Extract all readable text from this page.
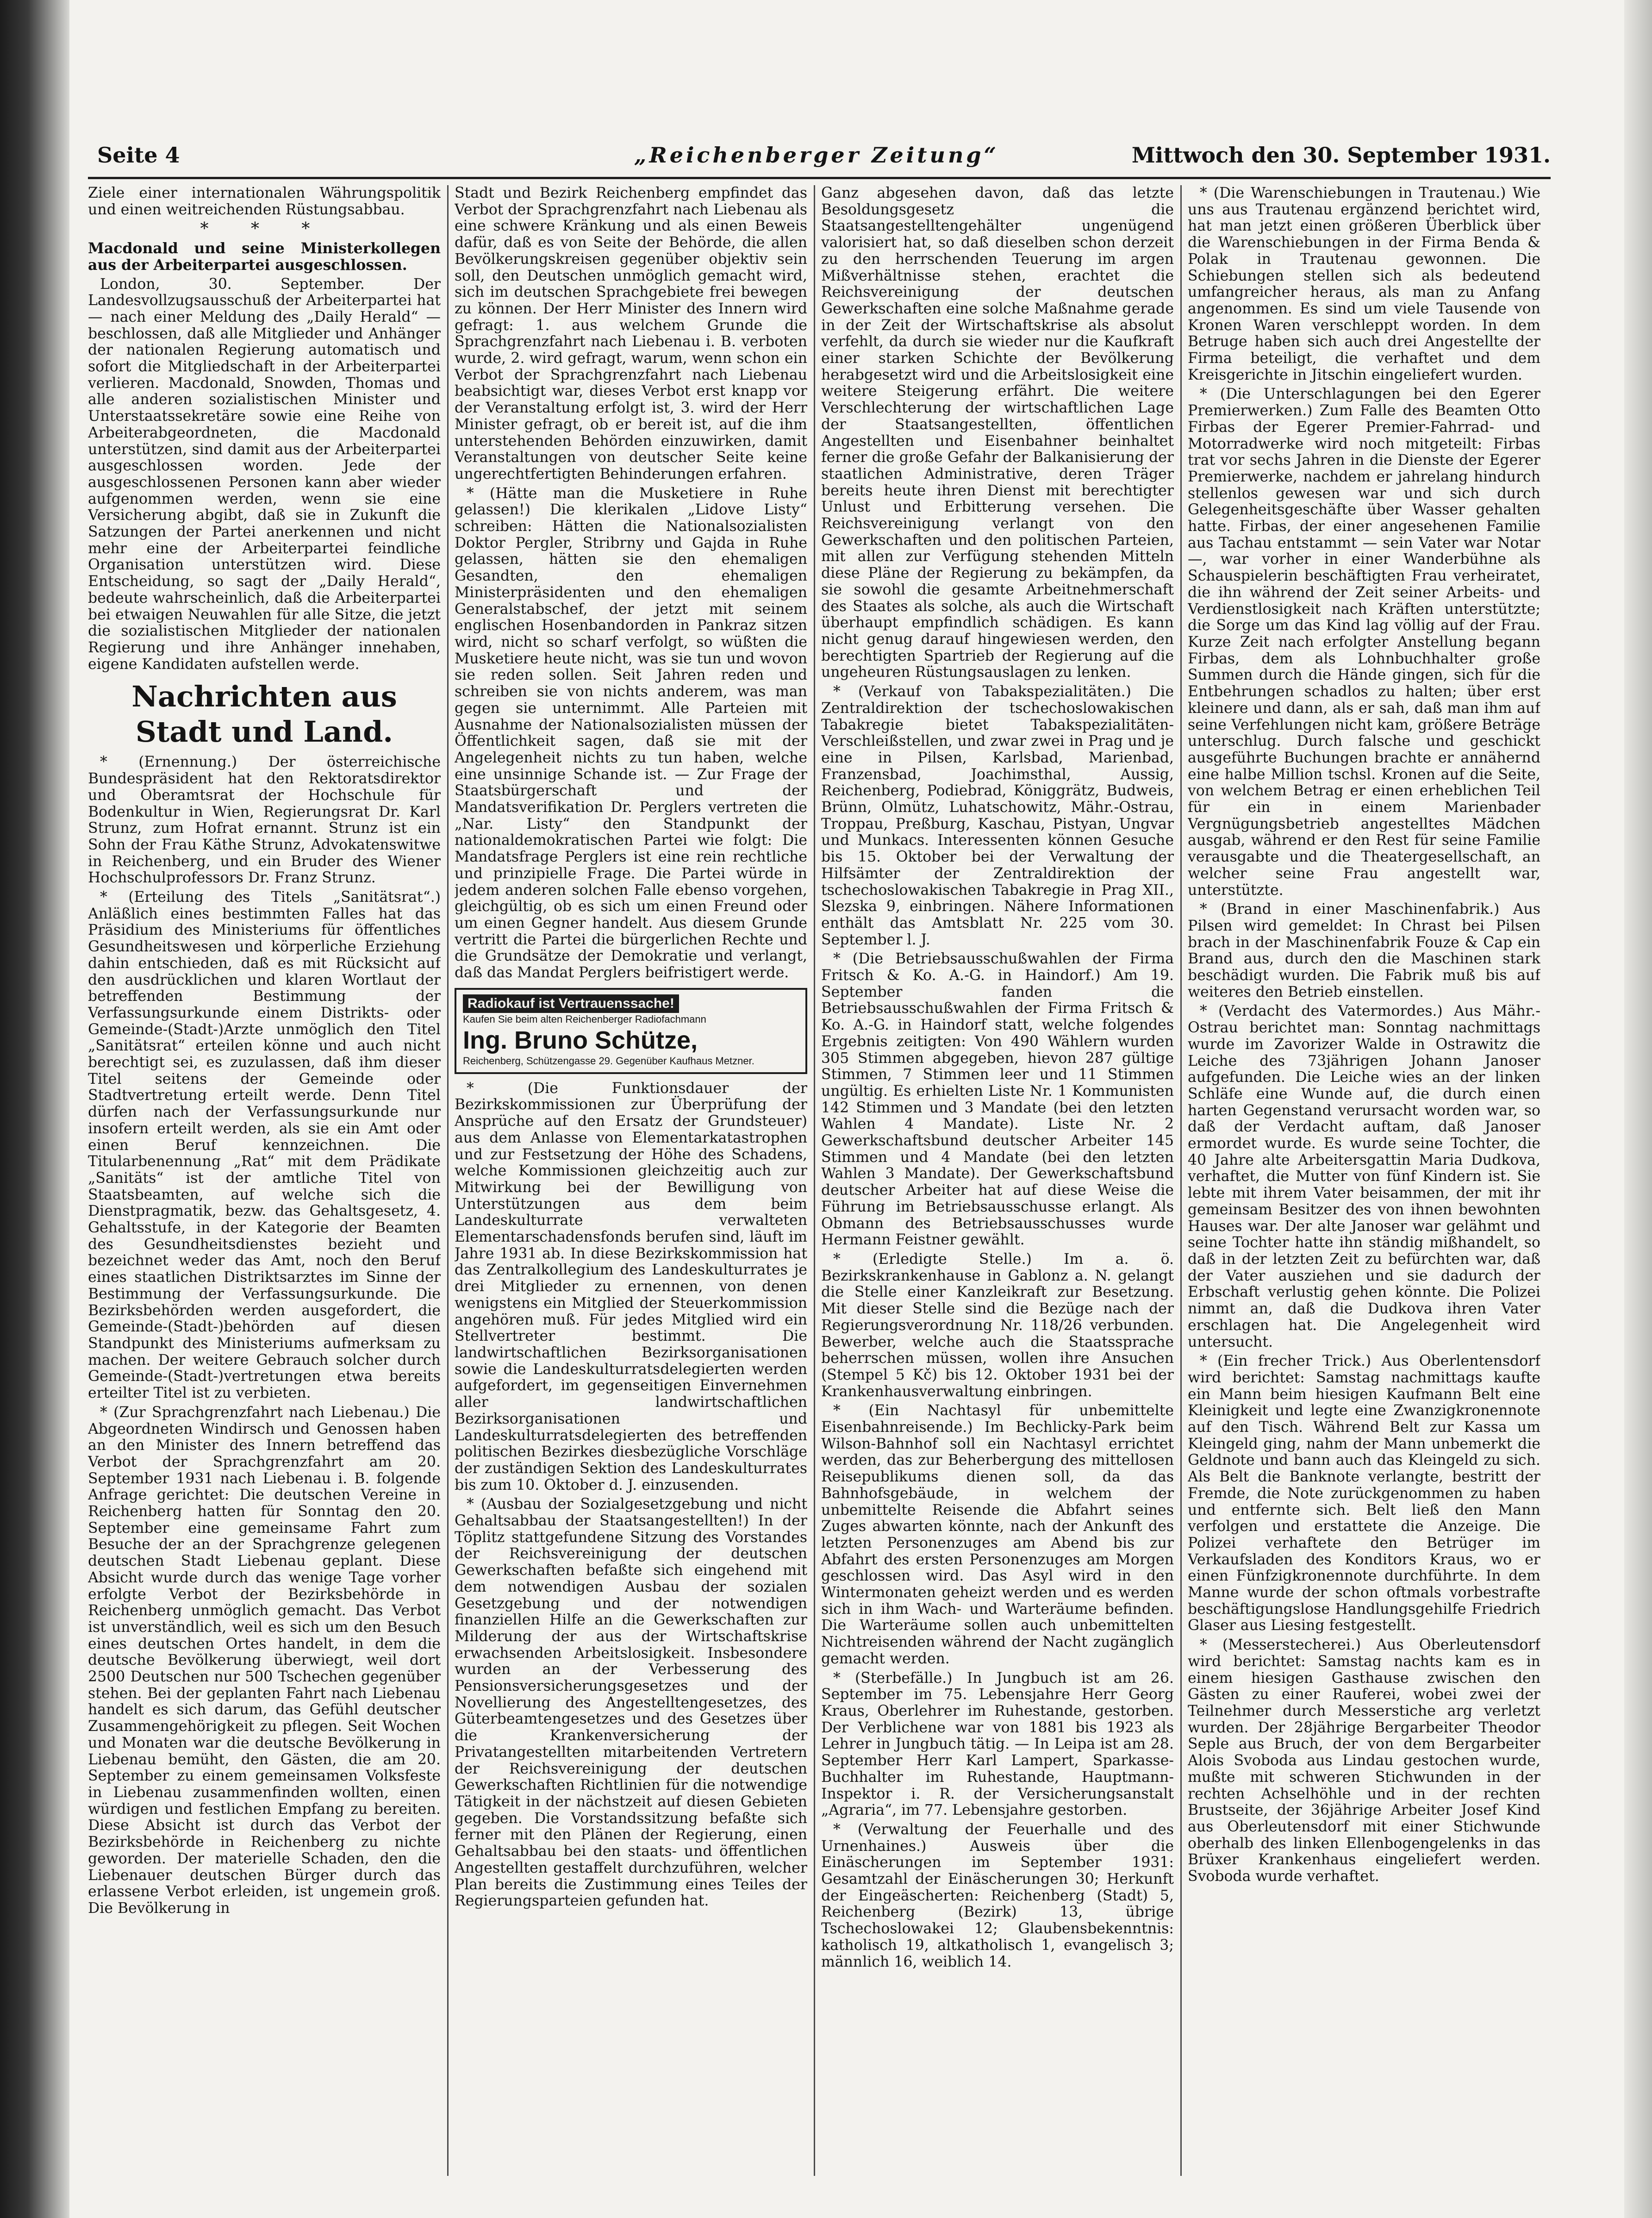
Seite 4	„Reichenberger Zeitung“	Mittwoch den 30. September 1931.

Ziele einer internationalen Währungspolitik und einen weitreichenden Rüstungsabbau.

* * *

Macdonald und seine Ministerkollegen aus der Arbeiterpartei ausgeschlossen.

London, 30. September. Der Landesvollzugsausschuß der Arbeiterpartei hat — nach einer Meldung des „Daily Herald“ — beschlossen, daß alle Mitglieder und Anhänger der nationalen Regierung automatisch und sofort die Mitgliedschaft in der Arbeiterpartei verlieren. Macdonald, Snowden, Thomas und alle anderen sozialistischen Minister und Unterstaatssekretäre sowie eine Reihe von Arbeiterabgeordneten, die Macdonald unterstützen, sind damit aus der Arbeiterpartei ausgeschlossen worden. Jede der ausgeschlossenen Personen kann aber wieder aufgenommen werden, wenn sie eine Versicherung abgibt, daß sie in Zukunft die Satzungen der Partei anerkennen und nicht mehr eine der Arbeiterpartei feindliche Organisation unterstützen wird. Diese Entscheidung, so sagt der „Daily Herald“, bedeute wahrscheinlich, daß die Arbeiterpartei bei etwaigen Neuwahlen für alle Sitze, die jetzt die sozialistischen Mitglieder der nationalen Regierung und ihre Anhänger innehaben, eigene Kandidaten aufstellen werde.

Nachrichten aus Stadt und Land.

* (Ernennung.) Der österreichische Bundespräsident hat den Rektoratsdirektor und Oberamtsrat der Hochschule für Bodenkultur in Wien, Regierungsrat Dr. Karl Strunz, zum Hofrat ernannt. Strunz ist ein Sohn der Frau Käthe Strunz, Advokatenswitwe in Reichenberg, und ein Bruder des Wiener Hochschulprofessors Dr. Franz Strunz.

* (Erteilung des Titels „Sanitätsrat“.) Anläßlich eines bestimmten Falles hat das Präsidium des Ministeriums für öffentliches Gesundheitswesen und körperliche Erziehung dahin entschieden, daß es mit Rücksicht auf den ausdrücklichen und klaren Wortlaut der betreffenden Bestimmung der Verfassungsurkunde einem Distrikts- oder Gemeinde-(Stadt-)Arzte unmöglich den Titel „Sanitätsrat“ erteilen könne und auch nicht berechtigt sei, es zuzulassen, daß ihm dieser Titel seitens der Gemeinde oder Stadtvertretung erteilt werde. Denn Titel dürfen nach der Verfassungsurkunde nur insofern erteilt werden, als sie ein Amt oder einen Beruf kennzeichnen. Die Titularbenennung „Rat“ mit dem Prädikate „Sanitäts“ ist der amtliche Titel von Staatsbeamten, auf welche sich die Dienstpragmatik, bezw. das Gehaltsgesetz, 4. Gehaltsstufe, in der Kategorie der Beamten des Gesundheitsdienstes bezieht und bezeichnet weder das Amt, noch den Beruf eines staatlichen Distriktsarztes im Sinne der Bestimmung der Verfassungsurkunde. Die Bezirksbehörden werden ausgefordert, die Gemeinde-(Stadt-)behörden auf diesen Standpunkt des Ministeriums aufmerksam zu machen. Der weitere Gebrauch solcher durch Gemeinde-(Stadt-)vertretungen etwa bereits erteilter Titel ist zu verbieten.

* (Zur Sprachgrenzfahrt nach Liebenau.) Die Abgeordneten Windirsch und Genossen haben an den Minister des Innern betreffend das Verbot der Sprachgrenzfahrt am 20. September 1931 nach Liebenau i. B. folgende Anfrage gerichtet: Die deutschen Vereine in Reichenberg hatten für Sonntag den 20. September eine gemeinsame Fahrt zum Besuche der an der Sprachgrenze gelegenen deutschen Stadt Liebenau geplant. Diese Absicht wurde durch das wenige Tage vorher erfolgte Verbot der Bezirksbehörde in Reichenberg unmöglich gemacht. Das Verbot ist unverständlich, weil es sich um den Besuch eines deutschen Ortes handelt, in dem die deutsche Bevölkerung überwiegt, weil dort 2500 Deutschen nur 500 Tschechen gegenüber stehen. Bei der geplanten Fahrt nach Liebenau handelt es sich darum, das Gefühl deutscher Zusammengehörigkeit zu pflegen. Seit Wochen und Monaten war die deutsche Bevölkerung in Liebenau bemüht, den Gästen, die am 20. September zu einem gemeinsamen Volksfeste in Liebenau zusammenfinden wollten, einen würdigen und festlichen Empfang zu bereiten. Diese Absicht ist durch das Verbot der Bezirksbehörde in Reichenberg zu nichte geworden. Der materielle Schaden, den die Liebenauer deutschen Bürger durch das erlassene Verbot erleiden, ist ungemein groß. Die Bevölkerung in

Stadt und Bezirk Reichenberg empfindet das Verbot der Sprachgrenzfahrt nach Liebenau als eine schwere Kränkung und als einen Beweis dafür, daß es von Seite der Behörde, die allen Bevölkerungskreisen gegenüber objektiv sein soll, den Deutschen unmöglich gemacht wird, sich im deutschen Sprachgebiete frei bewegen zu können. Der Herr Minister des Innern wird gefragt: 1. aus welchem Grunde die Sprachgrenzfahrt nach Liebenau i. B. verboten wurde, 2. wird gefragt, warum, wenn schon ein Verbot der Sprachgrenzfahrt nach Liebenau beabsichtigt war, dieses Verbot erst knapp vor der Veranstaltung erfolgt ist, 3. wird der Herr Minister gefragt, ob er bereit ist, auf die ihm unterstehenden Behörden einzuwirken, damit Veranstaltungen von deutscher Seite keine ungerechtfertigten Behinderungen erfahren.

* (Hätte man die Musketiere in Ruhe gelassen!) Die klerikalen „Lidove Listy“ schreiben: Hätten die Nationalsozialisten Doktor Pergler, Stribrny und Gajda in Ruhe gelassen, hätten sie den ehemaligen Gesandten, den ehemaligen Ministerpräsidenten und den ehemaligen Generalstabschef, der jetzt mit seinem englischen Hosenbandorden in Pankraz sitzen wird, nicht so scharf verfolgt, so wüßten die Musketiere heute nicht, was sie tun und wovon sie reden sollen. Seit Jahren reden und schreiben sie von nichts anderem, was man gegen sie unternimmt. Alle Parteien mit Ausnahme der Nationalsozialisten müssen der Öffentlichkeit sagen, daß sie mit der Angelegenheit nichts zu tun haben, welche eine unsinnige Schande ist. — Zur Frage der Staatsbürgerschaft und der Mandatsverifikation Dr. Perglers vertreten die „Nar. Listy“ den Standpunkt der nationaldemokratischen Partei wie folgt: Die Mandatsfrage Perglers ist eine rein rechtliche und prinzipielle Frage. Die Partei würde in jedem anderen solchen Falle ebenso vorgehen, gleichgültig, ob es sich um einen Freund oder um einen Gegner handelt. Aus diesem Grunde vertritt die Partei die bürgerlichen Rechte und die Grundsätze der Demokratie und verlangt, daß das Mandat Perglers beifristigert werde.

Radiokauf ist Vertrauenssache!
Kaufen Sie beim alten Reichenberger Radiofachmann
Ing. Bruno Schütze,
Reichenberg, Schützengasse 29. Gegenüber Kaufhaus Metzner.

* (Die Funktionsdauer der Bezirkskommissionen zur Überprüfung der Ansprüche auf den Ersatz der Grundsteuer) aus dem Anlasse von Elementarkatastrophen und zur Festsetzung der Höhe des Schadens, welche Kommissionen gleichzeitig auch zur Mitwirkung bei der Bewilligung von Unterstützungen aus dem beim Landeskulturrate verwalteten Elementarschadensfonds berufen sind, läuft im Jahre 1931 ab. In diese Bezirkskommission hat das Zentralkollegium des Landeskulturrates je drei Mitglieder zu ernennen, von denen wenigstens ein Mitglied der Steuerkommission angehören muß. Für jedes Mitglied wird ein Stellvertreter bestimmt. Die landwirtschaftlichen Bezirksorganisationen sowie die Landeskulturratsdelegierten werden aufgefordert, im gegenseitigen Einvernehmen aller landwirtschaftlichen Bezirksorganisationen und Landeskulturratsdelegierten des betreffenden politischen Bezirkes diesbezügliche Vorschläge der zuständigen Sektion des Landeskulturrates bis zum 10. Oktober d. J. einzusenden.

* (Ausbau der Sozialgesetzgebung und nicht Gehaltsabbau der Staatsangestellten!) In der Töplitz stattgefundene Sitzung des Vorstandes der Reichsvereinigung der deutschen Gewerkschaften befaßte sich eingehend mit dem notwendigen Ausbau der sozialen Gesetzgebung und der notwendigen finanziellen Hilfe an die Gewerkschaften zur Milderung der aus der Wirtschaftskrise erwachsenden Arbeitslosigkeit. Insbesondere wurden an der Verbesserung des Pensionsversicherungsgesetzes und der Novellierung des Angestelltengesetzes, des Güterbeamtengesetzes und des Gesetzes über die Krankenversicherung der Privatangestellten mitarbeitenden Vertretern der Reichsvereinigung der deutschen Gewerkschaften Richtlinien für die notwendige Tätigkeit in der nächstzeit auf diesen Gebieten gegeben. Die Vorstandssitzung befaßte sich ferner mit den Plänen der Regierung, einen Gehaltsabbau bei den staats- und öffentlichen Angestellten gestaffelt durchzuführen, welcher Plan bereits die Zustimmung eines Teiles der Regierungsparteien gefunden hat.

Ganz abgesehen davon, daß das letzte Besoldungsgesetz die Staatsangestelltengehälter ungenügend valorisiert hat, so daß dieselben schon derzeit zu den herrschenden Teuerung im argen Mißverhältnisse stehen, erachtet die Reichsvereinigung der deutschen Gewerkschaften eine solche Maßnahme gerade in der Zeit der Wirtschaftskrise als absolut verfehlt, da durch sie wieder nur die Kaufkraft einer starken Schichte der Bevölkerung herabgesetzt wird und die Arbeitslosigkeit eine weitere Steigerung erfährt. Die weitere Verschlechterung der wirtschaftlichen Lage der Staatsangestellten, öffentlichen Angestellten und Eisenbahner beinhaltet ferner die große Gefahr der Balkanisierung der staatlichen Administrative, deren Träger bereits heute ihren Dienst mit berechtigter Unlust und Erbitterung versehen. Die Reichsvereinigung verlangt von den Gewerkschaften und den politischen Parteien, mit allen zur Verfügung stehenden Mitteln diese Pläne der Regierung zu bekämpfen, da sie sowohl die gesamte Arbeitnehmerschaft des Staates als solche, als auch die Wirtschaft überhaupt empfindlich schädigen. Es kann nicht genug darauf hingewiesen werden, den berechtigten Spartrieb der Regierung auf die ungeheuren Rüstungsauslagen zu lenken.

* (Verkauf von Tabakspezialitäten.) Die Zentraldirektion der tschechoslowakischen Tabakregie bietet Tabakspezialitäten-Verschleißstellen, und zwar zwei in Prag und je eine in Pilsen, Karlsbad, Marienbad, Franzensbad, Joachimsthal, Aussig, Reichenberg, Podiebrad, Königgrätz, Budweis, Brünn, Olmütz, Luhatschowitz, Mähr.-Ostrau, Troppau, Preßburg, Kaschau, Pistyan, Ungvar und Munkacs. Interessenten können Gesuche bis 15. Oktober bei der Verwaltung der Hilfsämter der Zentraldirektion der tschechoslowakischen Tabakregie in Prag XII., Slezska 9, einbringen. Nähere Informationen enthält das Amtsblatt Nr. 225 vom 30. September l. J.

* (Die Betriebsausschußwahlen der Firma Fritsch & Ko. A.-G. in Haindorf.) Am 19. September fanden die Betriebsausschußwahlen der Firma Fritsch & Ko. A.-G. in Haindorf statt, welche folgendes Ergebnis zeitigten: Von 490 Wählern wurden 305 Stimmen abgegeben, hievon 287 gültige Stimmen, 7 Stimmen leer und 11 Stimmen ungültig. Es erhielten Liste Nr. 1 Kommunisten 142 Stimmen und 3 Mandate (bei den letzten Wahlen 4 Mandate). Liste Nr. 2 Gewerkschaftsbund deutscher Arbeiter 145 Stimmen und 4 Mandate (bei den letzten Wahlen 3 Mandate). Der Gewerkschaftsbund deutscher Arbeiter hat auf diese Weise die Führung im Betriebsausschusse erlangt. Als Obmann des Betriebsausschusses wurde Hermann Feistner gewählt.

* (Erledigte Stelle.) Im a. ö. Bezirkskrankenhause in Gablonz a. N. gelangt die Stelle einer Kanzleikraft zur Besetzung. Mit dieser Stelle sind die Bezüge nach der Regierungsverordnung Nr. 118/26 verbunden. Bewerber, welche auch die Staatssprache beherrschen müssen, wollen ihre Ansuchen (Stempel 5 Kč) bis 12. Oktober 1931 bei der Krankenhausverwaltung einbringen.

* (Ein Nachtasyl für unbemittelte Eisenbahnreisende.) Im Bechlicky-Park beim Wilson-Bahnhof soll ein Nachtasyl errichtet werden, das zur Beherbergung des mittellosen Reisepublikums dienen soll, da das Bahnhofsgebäude, in welchem der unbemittelte Reisende die Abfahrt seines Zuges abwarten könnte, nach der Ankunft des letzten Personenzuges am Abend bis zur Abfahrt des ersten Personenzuges am Morgen geschlossen wird. Das Asyl wird in den Wintermonaten geheizt werden und es werden sich in ihm Wach- und Warteräume befinden. Die Warteräume sollen auch unbemittelten Nichtreisenden während der Nacht zugänglich gemacht werden.

* (Sterbefälle.) In Jungbuch ist am 26. September im 75. Lebensjahre Herr Georg Kraus, Oberlehrer im Ruhestande, gestorben. Der Verblichene war von 1881 bis 1923 als Lehrer in Jungbuch tätig. — In Leipa ist am 28. September Herr Karl Lampert, Sparkasse-Buchhalter im Ruhestande, Hauptmann-Inspektor i. R. der Versicherungsanstalt „Agraria“, im 77. Lebensjahre gestorben.

* (Verwaltung der Feuerhalle und des Urnenhaines.) Ausweis über die Einäscherungen im September 1931: Gesamtzahl der Einäscherungen 30; Herkunft der Eingeäscherten: Reichenberg (Stadt) 5, Reichenberg (Bezirk) 13, übrige Tschechoslowakei 12; Glaubensbekenntnis: katholisch 19, altkatholisch 1, evangelisch 3; männlich 16, weiblich 14.

* (Die Warenschiebungen in Trautenau.) Wie uns aus Trautenau ergänzend berichtet wird, hat man jetzt einen größeren Überblick über die Warenschiebungen in der Firma Benda & Polak in Trautenau gewonnen. Die Schiebungen stellen sich als bedeutend umfangreicher heraus, als man zu Anfang angenommen. Es sind um viele Tausende von Kronen Waren verschleppt worden. In dem Betruge haben sich auch drei Angestellte der Firma beteiligt, die verhaftet und dem Kreisgerichte in Jitschin eingeliefert wurden.

* (Die Unterschlagungen bei den Egerer Premierwerken.) Zum Falle des Beamten Otto Firbas der Egerer Premier-Fahrrad- und Motorradwerke wird noch mitgeteilt: Firbas trat vor sechs Jahren in die Dienste der Egerer Premierwerke, nachdem er jahrelang hindurch stellenlos gewesen war und sich durch Gelegenheitsgeschäfte über Wasser gehalten hatte. Firbas, der einer angesehenen Familie aus Tachau entstammt — sein Vater war Notar —, war vorher in einer Wanderbühne als Schauspielerin beschäftigten Frau verheiratet, die ihn während der Zeit seiner Arbeits- und Verdienstlosigkeit nach Kräften unterstützte; die Sorge um das Kind lag völlig auf der Frau. Kurze Zeit nach erfolgter Anstellung begann Firbas, dem als Lohnbuchhalter große Summen durch die Hände gingen, sich für die Entbehrungen schadlos zu halten; über erst kleinere und dann, als er sah, daß man ihm auf seine Verfehlungen nicht kam, größere Beträge unterschlug. Durch falsche und geschickt ausgeführte Buchungen brachte er annähernd eine halbe Million tschsl. Kronen auf die Seite, von welchem Betrag er einen erheblichen Teil für ein in einem Marienbader Vergnügungsbetrieb angestelltes Mädchen ausgab, während er den Rest für seine Familie verausgabte und die Theatergesellschaft, an welcher seine Frau angestellt war, unterstützte.

* (Brand in einer Maschinenfabrik.) Aus Pilsen wird gemeldet: In Chrast bei Pilsen brach in der Maschinenfabrik Fouze & Cap ein Brand aus, durch den die Maschinen stark beschädigt wurden. Die Fabrik muß bis auf weiteres den Betrieb einstellen.

* (Verdacht des Vatermordes.) Aus Mähr.-Ostrau berichtet man: Sonntag nachmittags wurde im Zavorizer Walde in Ostrawitz die Leiche des 73jährigen Johann Janoser aufgefunden. Die Leiche wies an der linken Schläfe eine Wunde auf, die durch einen harten Gegenstand verursacht worden war, so daß der Verdacht auftam, daß Janoser ermordet wurde. Es wurde seine Tochter, die 40 Jahre alte Arbeitersgattin Maria Dudkova, verhaftet, die Mutter von fünf Kindern ist. Sie lebte mit ihrem Vater beisammen, der mit ihr gemeinsam Besitzer des von ihnen bewohnten Hauses war. Der alte Janoser war gelähmt und seine Tochter hatte ihn ständig mißhandelt, so daß in der letzten Zeit zu befürchten war, daß der Vater ausziehen und sie dadurch der Erbschaft verlustig gehen könnte. Die Polizei nimmt an, daß die Dudkova ihren Vater erschlagen hat. Die Angelegenheit wird untersucht.

* (Ein frecher Trick.) Aus Oberlentensdorf wird berichtet: Samstag nachmittags kaufte ein Mann beim hiesigen Kaufmann Belt eine Kleinigkeit und legte eine Zwanzigkronennote auf den Tisch. Während Belt zur Kassa um Kleingeld ging, nahm der Mann unbemerkt die Geldnote und bann auch das Kleingeld zu sich. Als Belt die Banknote verlangte, bestritt der Fremde, die Note zurückgenommen zu haben und entfernte sich. Belt ließ den Mann verfolgen und erstattete die Anzeige. Die Polizei verhaftete den Betrüger im Verkaufsladen des Konditors Kraus, wo er einen Fünfzigkronennote durchführte. In dem Manne wurde der schon oftmals vorbestrafte beschäftigungslose Handlungsgehilfe Friedrich Glaser aus Liesing festgestellt.

* (Messerstecherei.) Aus Oberleutensdorf wird berichtet: Samstag nachts kam es in einem hiesigen Gasthause zwischen den Gästen zu einer Rauferei, wobei zwei der Teilnehmer durch Messerstiche arg verletzt wurden. Der 28jährige Bergarbeiter Theodor Seple aus Bruch, der von dem Bergarbeiter Alois Svoboda aus Lindau gestochen wurde, mußte mit schweren Stichwunden in der rechten Achselhöhle und in der rechten Brustseite, der 36jährige Arbeiter Josef Kind aus Oberleutensdorf mit einer Stichwunde oberhalb des linken Ellenbogengelenks in das Brüxer Krankenhaus eingeliefert werden. Svoboda wurde verhaftet.
